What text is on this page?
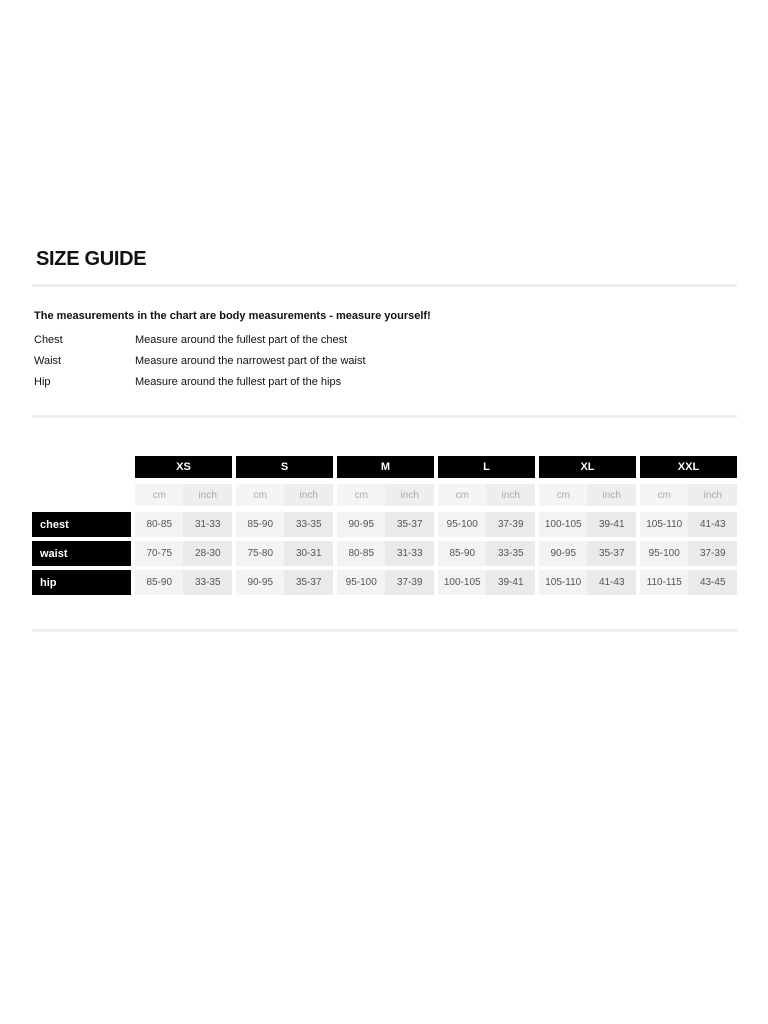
SIZE GUIDE
The measurements in the chart are body measurements - measure yourself!
Chest	Measure around the fullest part of the chest
Waist	Measure around the narrowest part of the waist
Hip	Measure around the fullest part of the hips
	XS		S		M		L		XL		XXL	

	cm	inch	cm	inch	cm	inch	cm	inch	cm	inch	cm	inch

chest	80-85	31-33	85-90	33-35	90-95	35-37	95-100	37-39	100-105	39-41	105-110	41-43
waist	70-75	28-30	75-80	30-31	80-85	31-33	85-90	33-35	90-95	35-37	95-100	37-39
hip	85-90	33-35	90-95	35-37	95-100	37-39	100-105	39-41	105-110	41-43	110-115	43-45
